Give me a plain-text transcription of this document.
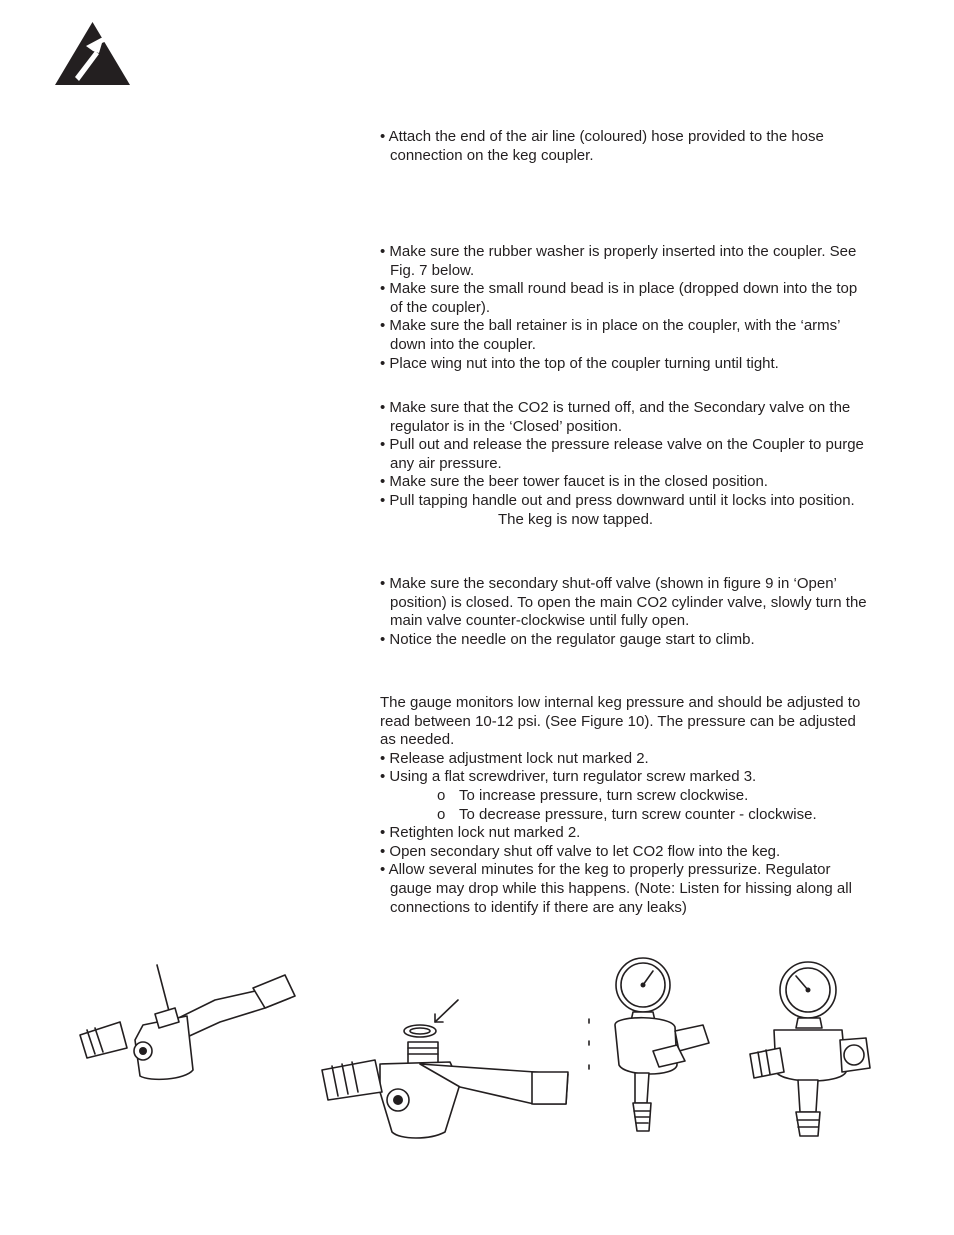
• Attach the end of the air line (coloured) hose provided to the hose

connection on the keg coupler.

• Make sure the rubber washer is properly inserted into the coupler. See

Fig. 7 below.

• Make sure the small round bead is in place (dropped down into the top

of the coupler).

• Make sure the ball retainer is in place on the coupler, with the ‘arms’

down into the coupler.

• Place wing nut into the top of the coupler turning until tight.

• Make sure that the CO2 is turned off, and the Secondary valve on the

regulator is in the ‘Closed’ position.

• Pull out and release the pressure release valve on the Coupler to purge

any air pressure.

• Make sure the beer tower faucet is in the closed position.

• Pull tapping handle out and press downward until it locks into position.

The keg is now tapped.

• Make sure the secondary shut-off valve (shown in figure 9 in ‘Open’

position) is closed. To open the main CO2 cylinder valve, slowly turn the

main valve counter-clockwise until fully open.

• Notice the needle on the regulator gauge start to climb.

The gauge monitors low internal keg pressure and should be adjusted to

read between 10-12 psi. (See Figure 10). The pressure can be adjusted

as needed.

• Release adjustment lock nut marked 2.

• Using a flat screwdriver, turn regulator screw marked 3.

o To increase pressure, turn screw clockwise.

o To decrease pressure, turn screw counter - clockwise.

• Retighten lock nut marked 2.

• Open secondary shut off valve to let CO2 flow into the keg.

• Allow several minutes for the keg to properly pressurize. Regulator

gauge may drop while this happens. (Note: Listen for hissing along all

connections to identify if there are any leaks)
